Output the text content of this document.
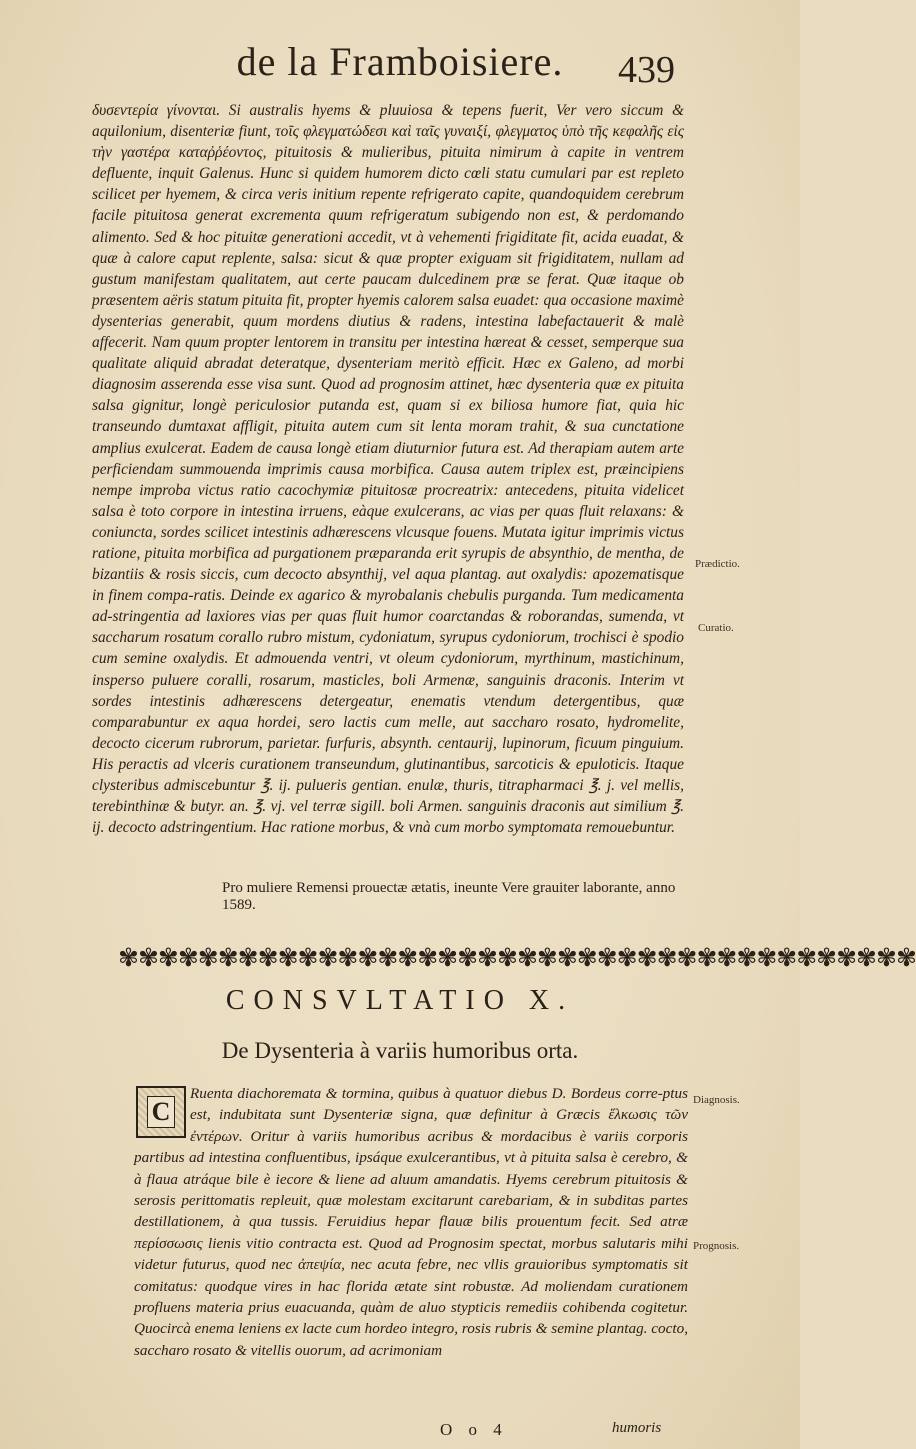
de la Framboisiere.	439

δυσεντερία γίνονται. Si australis hyems & pluuiosa & tepens fuerit, Ver vero siccum & aquilonium, disenteriæ fiunt, τοῖς φλεγματώδεσι καὶ ταῖς γυναιξί, φλεγματος ὑπὸ τῆς κεφαλῆς εἰς τὴν γαστέρα καταῤῥέοντος, pituitosis & mulieribus, pituita nimirum à capite in ventrem defluente, inquit Galenus. Hunc si quidem humorem dicto cœli statu cumulari par est repleto scilicet per hyemem, & circa veris initium repente refrigerato capite, quandoquidem cerebrum facile pituitosa generat excrementa quum refrigeratum subigendo non est, & perdomando alimento. Sed & hoc pituitæ generationi accedit, vt à vehementi frigiditate fit, acida euadat, & quæ à calore caput replente, salsa: sicut & quæ propter exiguam sit frigiditatem, nullam ad gustum manifestam qualitatem, aut certe paucam dulcedinem præ se ferat. Quæ itaque ob præsentem aëris statum pituita fit, propter hyemis calorem salsa euadet: qua occasione maximè dysenterias generabit, quum mordens diutius & radens, intestina labefactauerit & malè affecerit. Nam quum propter lentorem in transitu per intestina hæreat & cesset, semperque sua qualitate aliquid abradat deteratque, dysenteriam meritò efficit. Hæc ex Galeno, ad morbi diagnosim asserenda esse visa sunt. Quod ad prognosim attinet, hæc dysenteria quæ ex pituita salsa gignitur, longè periculosior putanda est, quam si ex biliosa humore fiat, quia hic transeundo dumtaxat affligit, pituita autem cum sit lenta moram trahit, & sua cunctatione amplius exulcerat. Eadem de causa longè etiam diuturnior futura est. Ad therapiam autem arte perficiendam summouenda imprimis causa morbifica. Causa autem triplex est, præincipiens nempe improba victus ratio cacochymiæ pituitosæ procreatrix: antecedens, pituita videlicet salsa è toto corpore in intestina irruens, eàque exulcerans, ac vias per quas fluit relaxans: & coniuncta, sordes scilicet intestinis adhærescens vlcusque fouens. Mutata igitur imprimis victus ratione, pituita morbifica ad purgationem præparanda erit syrupis de absynthio, de mentha, de bizantiis & rosis siccis, cum decocto absynthij, vel aqua plantag. aut oxalydis: apozematisque in finem compa-ratis. Deinde ex agarico & myrobalanis chebulis purganda. Tum medicamenta ad-stringentia ad laxiores vias per quas fluit humor coarctandas & roborandas, sumenda, vt saccharum rosatum corallo rubro mistum, cydoniatum, syrupus cydoniorum, trochisci è spodio cum semine oxalydis. Et admouenda ventri, vt oleum cydoniorum, myrthinum, mastichinum, insperso puluere coralli, rosarum, masticles, boli Armenæ, sanguinis draconis. Interim vt sordes intestinis adhærescens detergeatur, enematis vtendum detergentibus, quæ comparabuntur ex aqua hordei, sero lactis cum melle, aut saccharo rosato, hydromelite, decocto cicerum rubrorum, parietar. furfuris, absynth. centaurij, lupinorum, ficuum pinguium. His peractis ad vlceris curationem transeundum, glutinantibus, sarcoticis & epuloticis. Itaque clysteribus admiscebuntur ℥. ij. pulueris gentian. enulæ, thuris, titrapharmaci ℥. j. vel mellis, terebinthinæ & butyr. an. ℥. vj. vel terræ sigill. boli Armen. sanguinis draconis aut similium ℥. ij. decocto adstringentium. Hac ratione morbus, & vnà cum morbo symptomata remouebuntur.

Prædictio.
Curatio.
Pro muliere Remensi prouectæ ætatis, ineunte Vere grauiter laborante, anno 1589.
✾✾✾✾✾✾✾✾✾✾✾✾✾✾✾✾✾✾✾✾✾✾✾✾✾✾✾✾✾✾✾✾✾✾✾✾✾✾✾✾
CONSVLTATIO X.
De Dysenteria à variis humoribus orta.
Diagnosis.
Prognosis.

Ruenta diachoremata & tormina, quibus à quatuor diebus D. Bordeus corre-ptus est, indubitata sunt Dysenteriæ signa, quæ definitur à Græcis ἕλκωσις τῶν ἐντέρων. Oritur à variis humoribus acribus & mordacibus è variis corporis partibus ad intestina confluentibus, ipsáque exulcerantibus, vt à pituita salsa è cerebro, & à flaua atráque bile è iecore & liene ad aluum amandatis. Hyems cerebrum pituitosis & serosis perittomatis repleuit, quæ molestam excitarunt carebariam, & in subditas partes destillationem, à qua tussis. Feruidius hepar flauæ bilis prouentum fecit. Sed atræ περίσσωσις lienis vitio contracta est. Quod ad Prognosim spectat, morbus salutaris mihi videtur futurus, quod nec ἀπεψία, nec acuta febre, nec vllis grauioribus symptomatis sit comitatus: quodque vires in hac florida ætate sint robustæ. Ad moliendam curationem profluens materia prius euacuanda, quàm de aluo stypticis remediis cohibenda cogitetur. Quocircà enema leniens ex lacte cum hordeo integro, rosis rubris & semine plantag. cocto, saccharo rosato & vitellis ouorum, ad acrimoniam

C
O o 4	humoris
